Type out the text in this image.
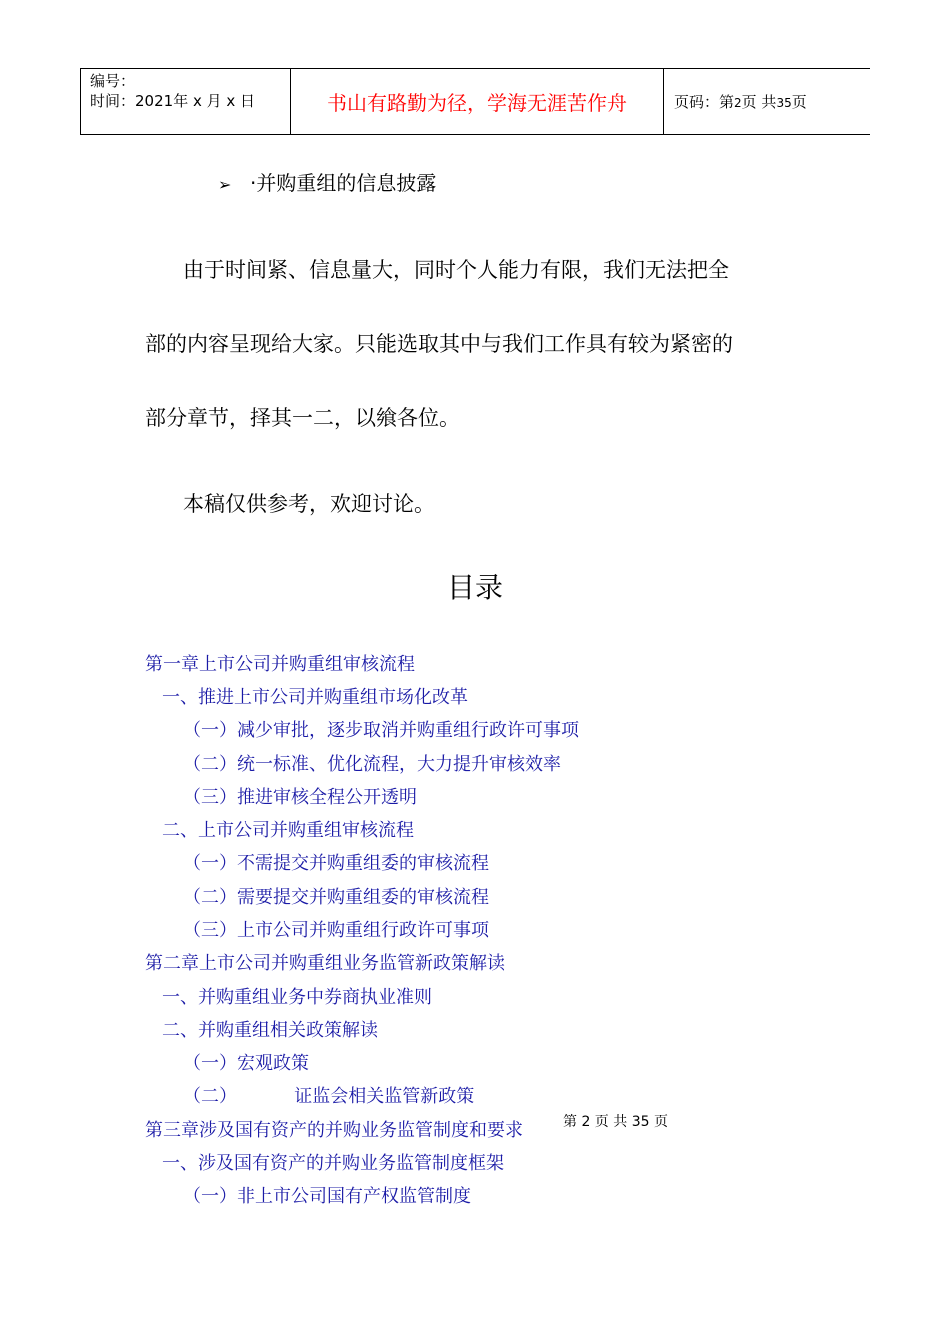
编号：
时间：2021年 x 月 x 日	书山有路勤为径，学海无涯苦作舟	页码：第2页 共35页
➢ ·并购重组的信息披露
由于时间紧、信息量大，同时个人能力有限，我们无法把全
部的内容呈现给大家。只能选取其中与我们工作具有较为紧密的
部分章节，择其一二，以飨各位。
本稿仅供参考，欢迎讨论。
目录
第一章上市公司并购重组审核流程
一、推进上市公司并购重组市场化改革
（一）减少审批，逐步取消并购重组行政许可事项
（二）统一标准、优化流程，大力提升审核效率
（三）推进审核全程公开透明
二、上市公司并购重组审核流程
（一）不需提交并购重组委的审核流程
（二）需要提交并购重组委的审核流程
（三）上市公司并购重组行政许可事项
第二章上市公司并购重组业务监管新政策解读
一、并购重组业务中券商执业准则
二、并购重组相关政策解读
（一）宏观政策
（二）          证监会相关监管新政策
第三章涉及国有资产的并购业务监管制度和要求
一、涉及国有资产的并购业务监管制度框架
（一）非上市公司国有产权监管制度
第 2 页 共 35 页
